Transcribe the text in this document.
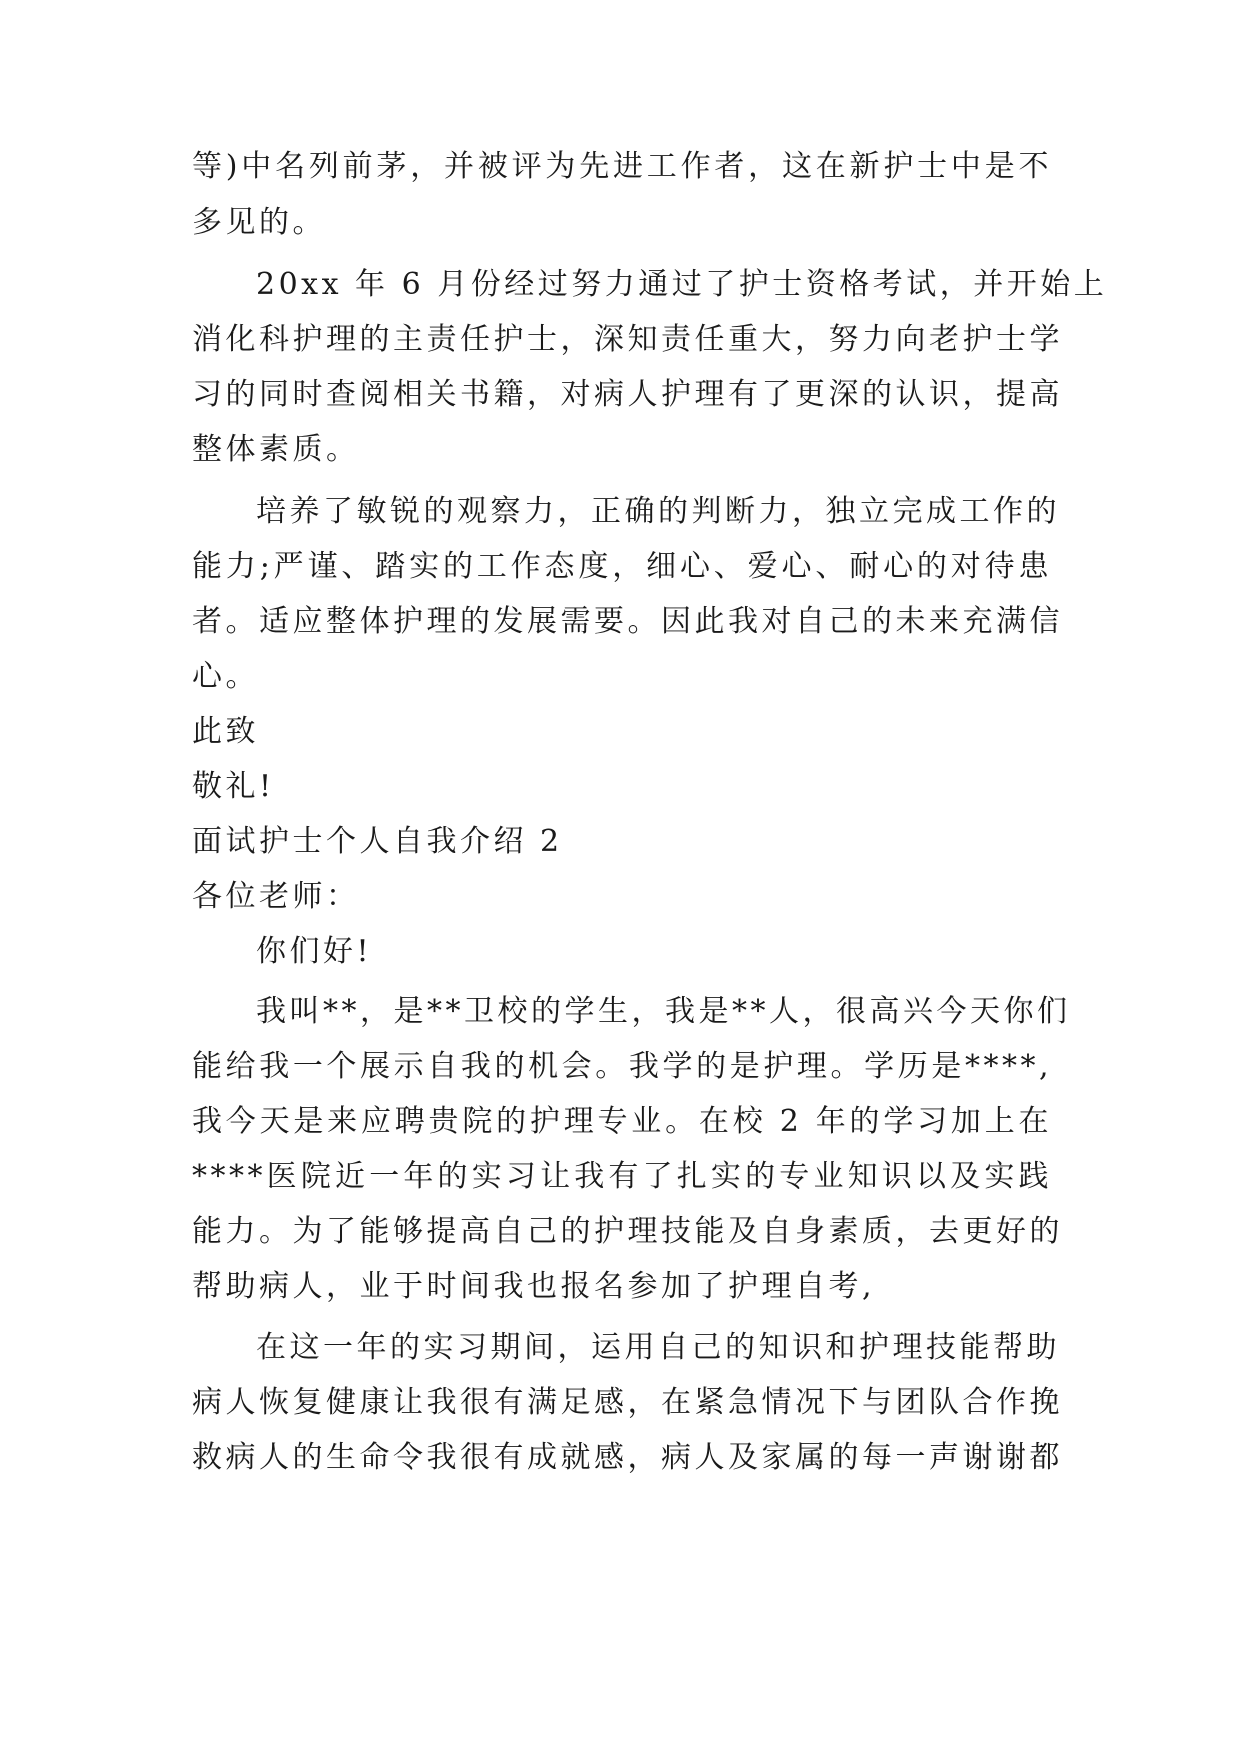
等)中名列前茅，并被评为先进工作者，这在新护士中是不
多见的。
20xx 年 6 月份经过努力通过了护士资格考试，并开始上
消化科护理的主责任护士，深知责任重大，努力向老护士学
习的同时查阅相关书籍，对病人护理有了更深的认识，提高
整体素质。
培养了敏锐的观察力，正确的判断力，独立完成工作的
能力;严谨、踏实的工作态度，细心、爱心、耐心的对待患
者。适应整体护理的发展需要。因此我对自己的未来充满信
心。
此致
敬礼!
面试护士个人自我介绍 2
各位老师：
你们好!
我叫**，是**卫校的学生，我是**人，很高兴今天你们
能给我一个展示自我的机会。我学的是护理。学历是****,
我今天是来应聘贵院的护理专业。在校 2 年的学习加上在
****医院近一年的实习让我有了扎实的专业知识以及实践
能力。为了能够提高自己的护理技能及自身素质，去更好的
帮助病人，业于时间我也报名参加了护理自考,
在这一年的实习期间，运用自己的知识和护理技能帮助
病人恢复健康让我很有满足感，在紧急情况下与团队合作挽
救病人的生命令我很有成就感，病人及家属的每一声谢谢都
